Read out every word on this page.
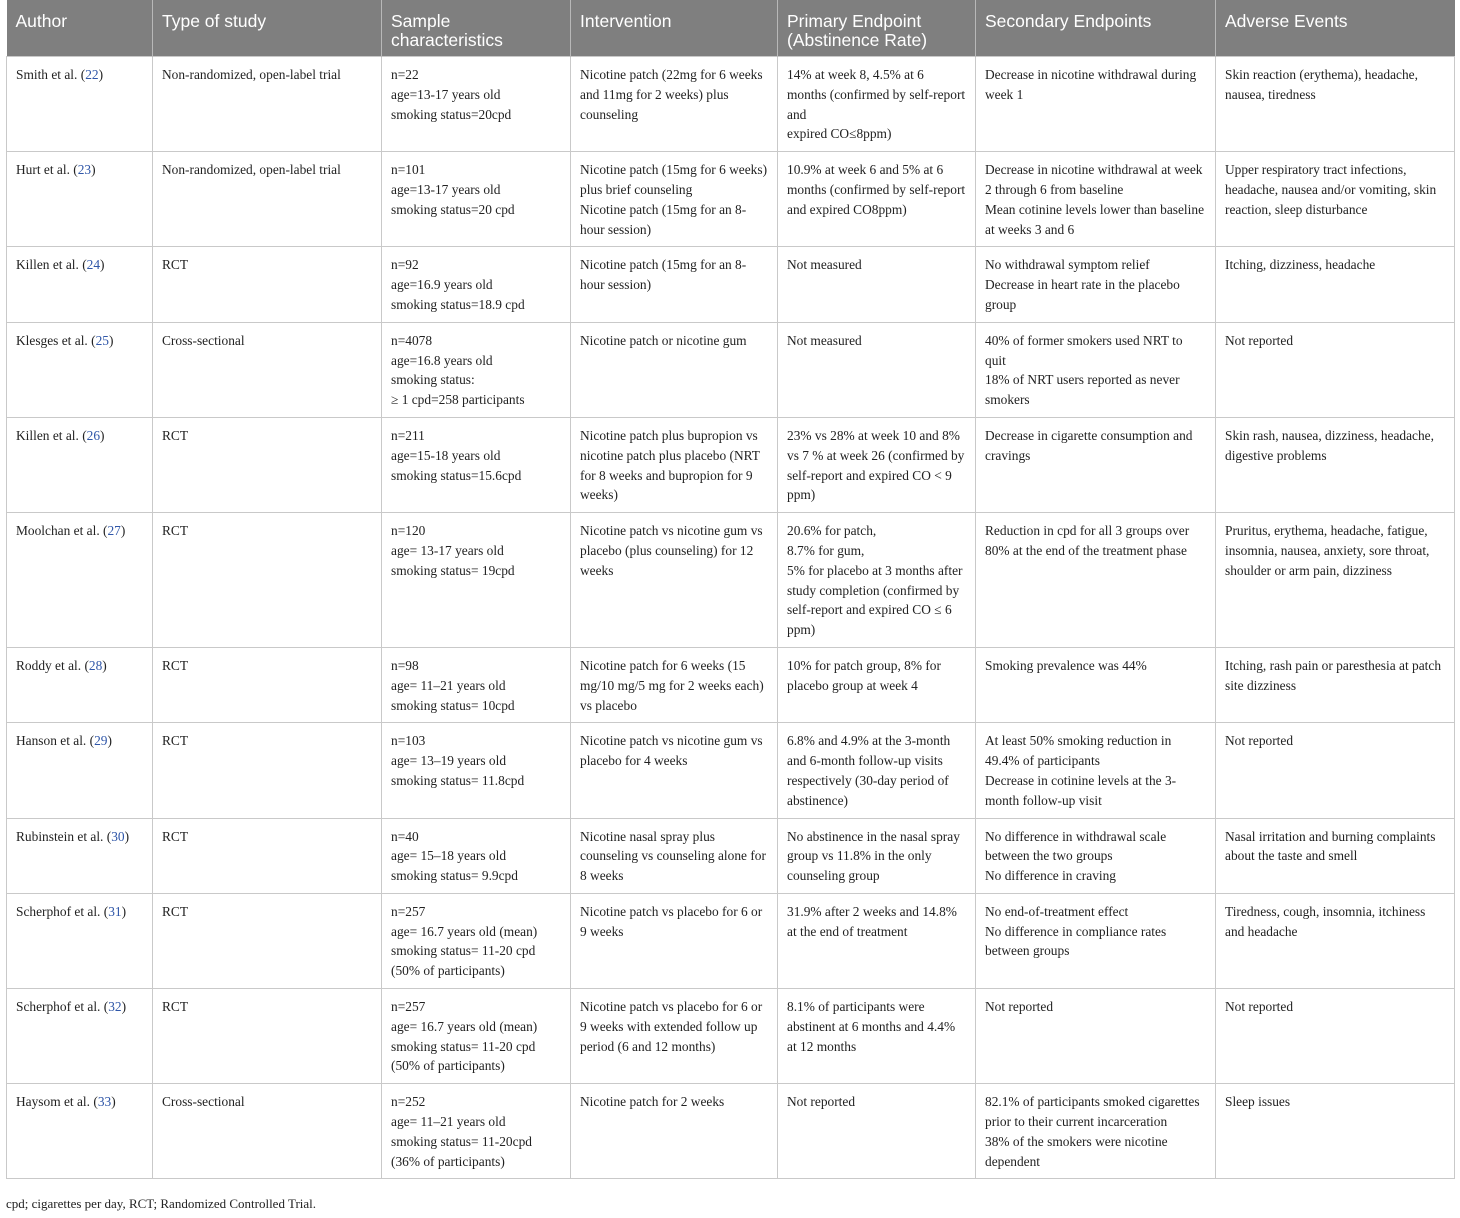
Author	Type of study	Sample characteristics	Intervention	Primary Endpoint (Abstinence Rate)	Secondary Endpoints	Adverse Events
Smith et al. (22)	Non-randomized, open-label trial	n=22
age=13-17 years old
smoking status=20cpd	Nicotine patch (22mg for 6 weeks and 11mg for 2 weeks) plus counseling	14% at week 8, 4.5% at 6 months (confirmed by self-report and
expired CO≤8ppm)	Decrease in nicotine withdrawal during week 1	Skin reaction (erythema), headache, nausea, tiredness
Hurt et al. (23)	Non-randomized, open-label trial	n=101
age=13-17 years old
smoking status=20 cpd	Nicotine patch (15mg for 6 weeks) plus brief counseling
Nicotine patch (15mg for an 8-hour session)	10.9% at week 6 and 5% at 6 months (confirmed by self-report and expired CO8ppm)	Decrease in nicotine withdrawal at week 2 through 6 from baseline
Mean cotinine levels lower than baseline at weeks 3 and 6	Upper respiratory tract infections, headache, nausea and/or vomiting, skin reaction, sleep disturbance
Killen et al. (24)	RCT	n=92
age=16.9 years old
smoking status=18.9 cpd	Nicotine patch (15mg for an 8-hour session)	Not measured	No withdrawal symptom relief
Decrease in heart rate in the placebo group	Itching, dizziness, headache
Klesges et al. (25)	Cross-sectional	n=4078
age=16.8 years old
smoking status:
≥ 1 cpd=258 participants	Nicotine patch or nicotine gum	Not measured	40% of former smokers used NRT to quit
18% of NRT users reported as never smokers	Not reported
Killen et al. (26)	RCT	n=211
age=15-18 years old
smoking status=15.6cpd	Nicotine patch plus bupropion vs nicotine patch plus placebo (NRT for 8 weeks and bupropion for 9 weeks)	23% vs 28% at week 10 and 8% vs 7 % at week 26 (confirmed by self-report and expired CO < 9 ppm)	Decrease in cigarette consumption and cravings	Skin rash, nausea, dizziness, headache, digestive problems
Moolchan et al. (27)	RCT	n=120
age= 13-17 years old
smoking status= 19cpd	Nicotine patch vs nicotine gum vs placebo (plus counseling) for 12 weeks	20.6% for patch,
8.7% for gum,
5% for placebo at 3 months after study completion (confirmed by self-report and expired CO ≤ 6 ppm)	Reduction in cpd for all 3 groups over 80% at the end of the treatment phase	Pruritus, erythema, headache, fatigue, insomnia, nausea, anxiety, sore throat, shoulder or arm pain, dizziness
Roddy et al. (28)	RCT	n=98
age= 11–21 years old
smoking status= 10cpd	Nicotine patch for 6 weeks (15 mg/10 mg/5 mg for 2 weeks each) vs placebo	10% for patch group, 8% for placebo group at week 4	Smoking prevalence was 44%	Itching, rash pain or paresthesia at patch site dizziness
Hanson et al. (29)	RCT	n=103
age= 13–19 years old
smoking status= 11.8cpd	Nicotine patch vs nicotine gum vs placebo for 4 weeks	6.8% and 4.9% at the 3-month and 6-month follow-up visits respectively (30-day period of abstinence)	At least 50% smoking reduction in 49.4% of participants
Decrease in cotinine levels at the 3-month follow-up visit	Not reported
Rubinstein et al. (30)	RCT	n=40
age= 15–18 years old
smoking status= 9.9cpd	Nicotine nasal spray plus counseling vs counseling alone for 8 weeks	No abstinence in the nasal spray group vs 11.8% in the only counseling group	No difference in withdrawal scale between the two groups
No difference in craving	Nasal irritation and burning complaints about the taste and smell
Scherphof et al. (31)	RCT	n=257
age= 16.7 years old (mean)
smoking status= 11-20 cpd (50% of participants)	Nicotine patch vs placebo for 6 or 9 weeks	31.9% after 2 weeks and 14.8% at the end of treatment	No end-of-treatment effect
No difference in compliance rates between groups	Tiredness, cough, insomnia, itchiness and headache
Scherphof et al. (32)	RCT	n=257
age= 16.7 years old (mean)
smoking status= 11-20 cpd (50% of participants)	Nicotine patch vs placebo for 6 or 9 weeks with extended follow up period (6 and 12 months)	8.1% of participants were abstinent at 6 months and 4.4% at 12 months	Not reported	Not reported
Haysom et al. (33)	Cross-sectional	n=252
age= 11–21 years old
smoking status= 11-20cpd (36% of participants)	Nicotine patch for 2 weeks	Not reported	82.1% of participants smoked cigarettes prior to their current incarceration
38% of the smokers were nicotine dependent	Sleep issues
cpd; cigarettes per day, RCT; Randomized Controlled Trial.
